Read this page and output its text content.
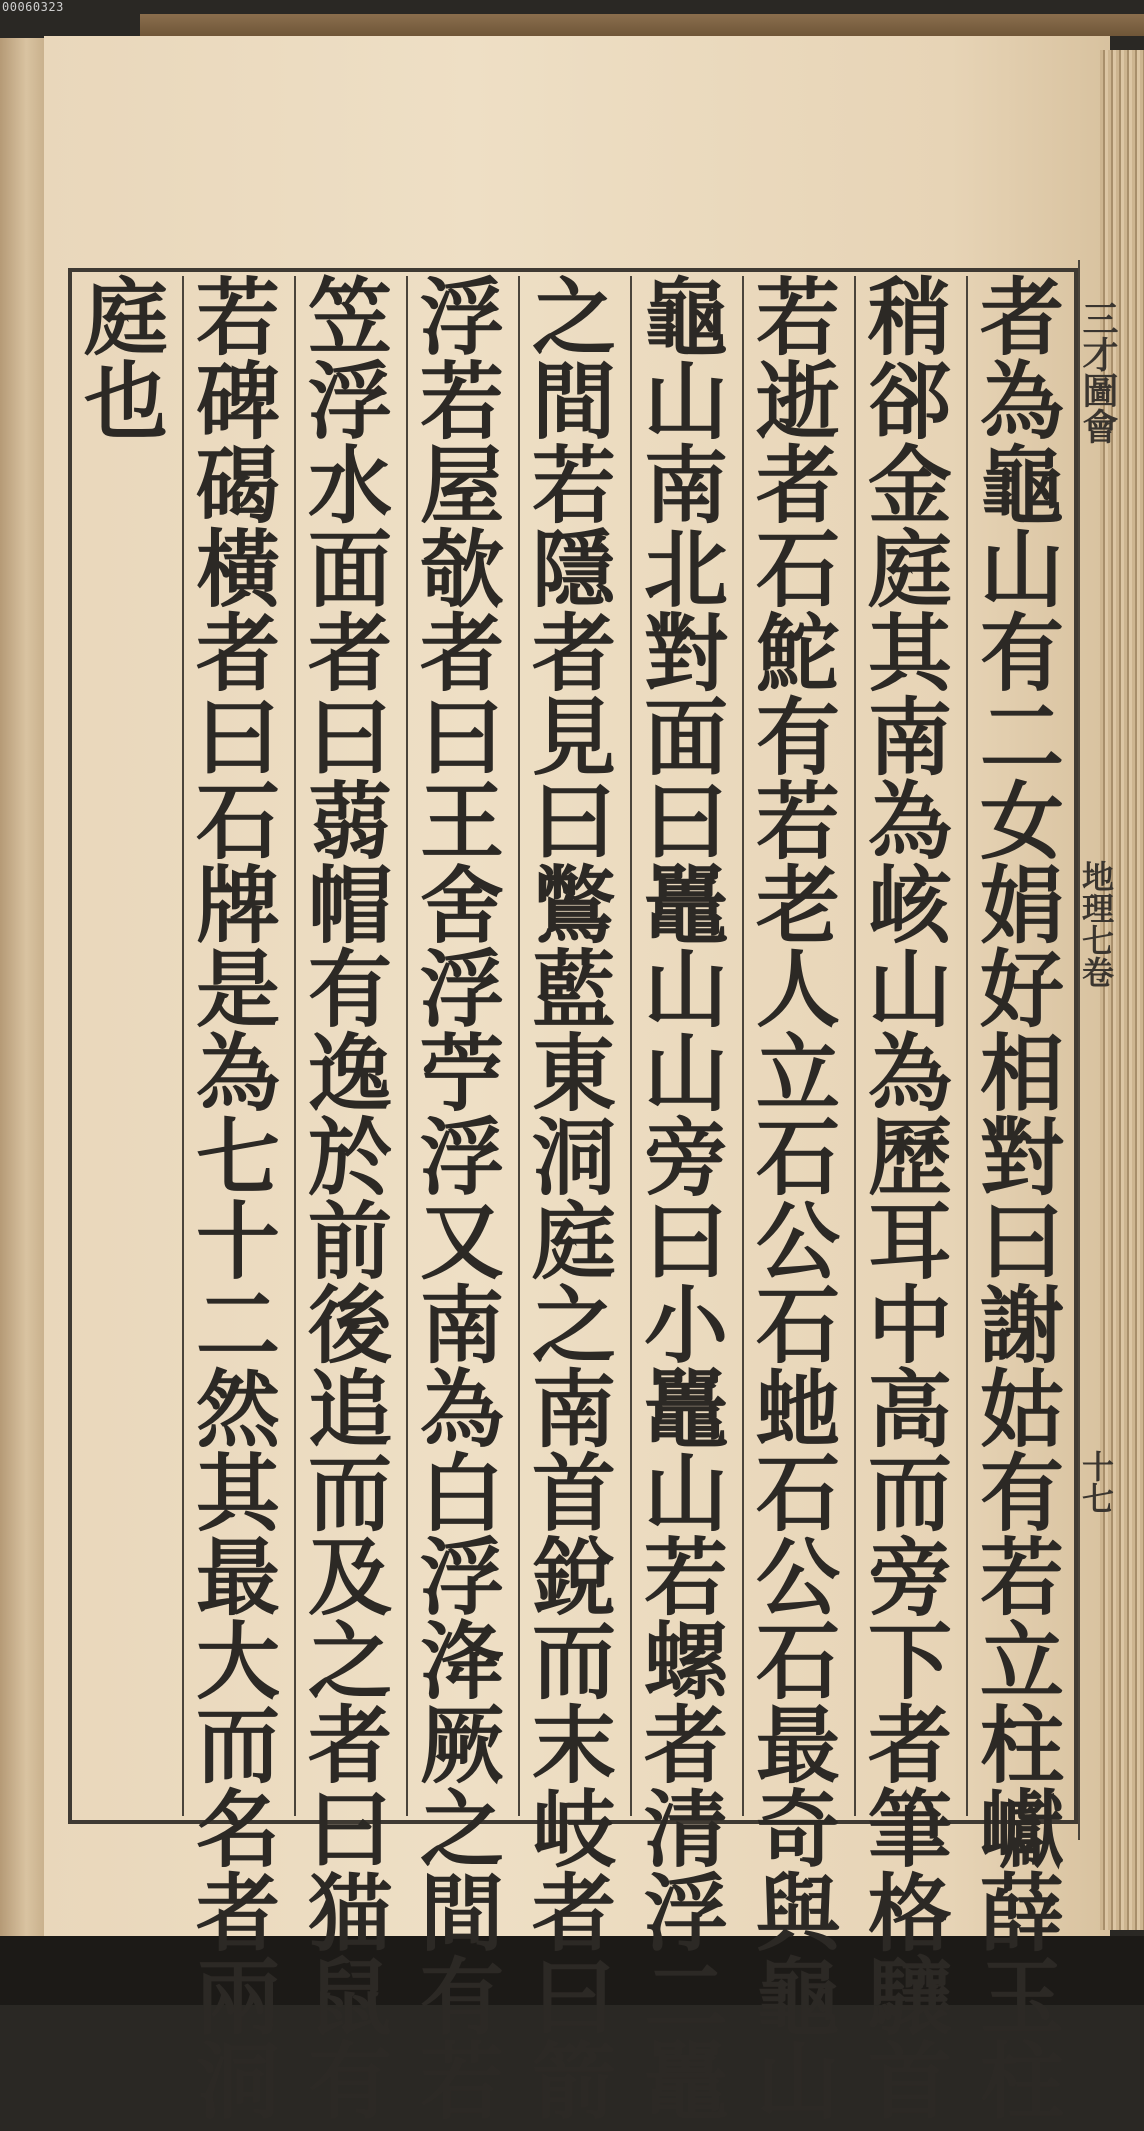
00060323
者
為
龜
山
有
二
女
娟
好
相
對
曰
謝
姑
有
若
立
柱
巘
薛
玉
柱
稍
郤
金
庭
其
南
為
峐
山
為
歷
耳
中
高
而
旁
下
者
筆
格
驤
首
若
逝
者
石
鮀
有
若
老
人
立
石
公
石
虵
石
公
石
最
奇
與
龜
山
龜
山
南
北
對
面
曰
鼉
山
山
旁
曰
小
鼉
山
若
螺
者
清
浮
二
鼉
之
間
若
隱
者
見
曰
鷩
藍
東
洞
庭
之
南
首
銳
而
末
岐
者
曰
箭
浮
若
屋
欹
者
曰
王
舍
浮
苧
浮
又
南
為
白
浮
洚
厥
之
間
有
若
笠
浮
水
面
者
曰
蒻
帽
有
逸
於
前
後
追
而
及
之
者
曰
猫
鼠
有
若
碑
碣
橫
者
曰
石
牌
是
為
七
十
二
然
其
最
大
而
名
者
兩
洞
庭
也	三才圖會
地理七卷
十七
